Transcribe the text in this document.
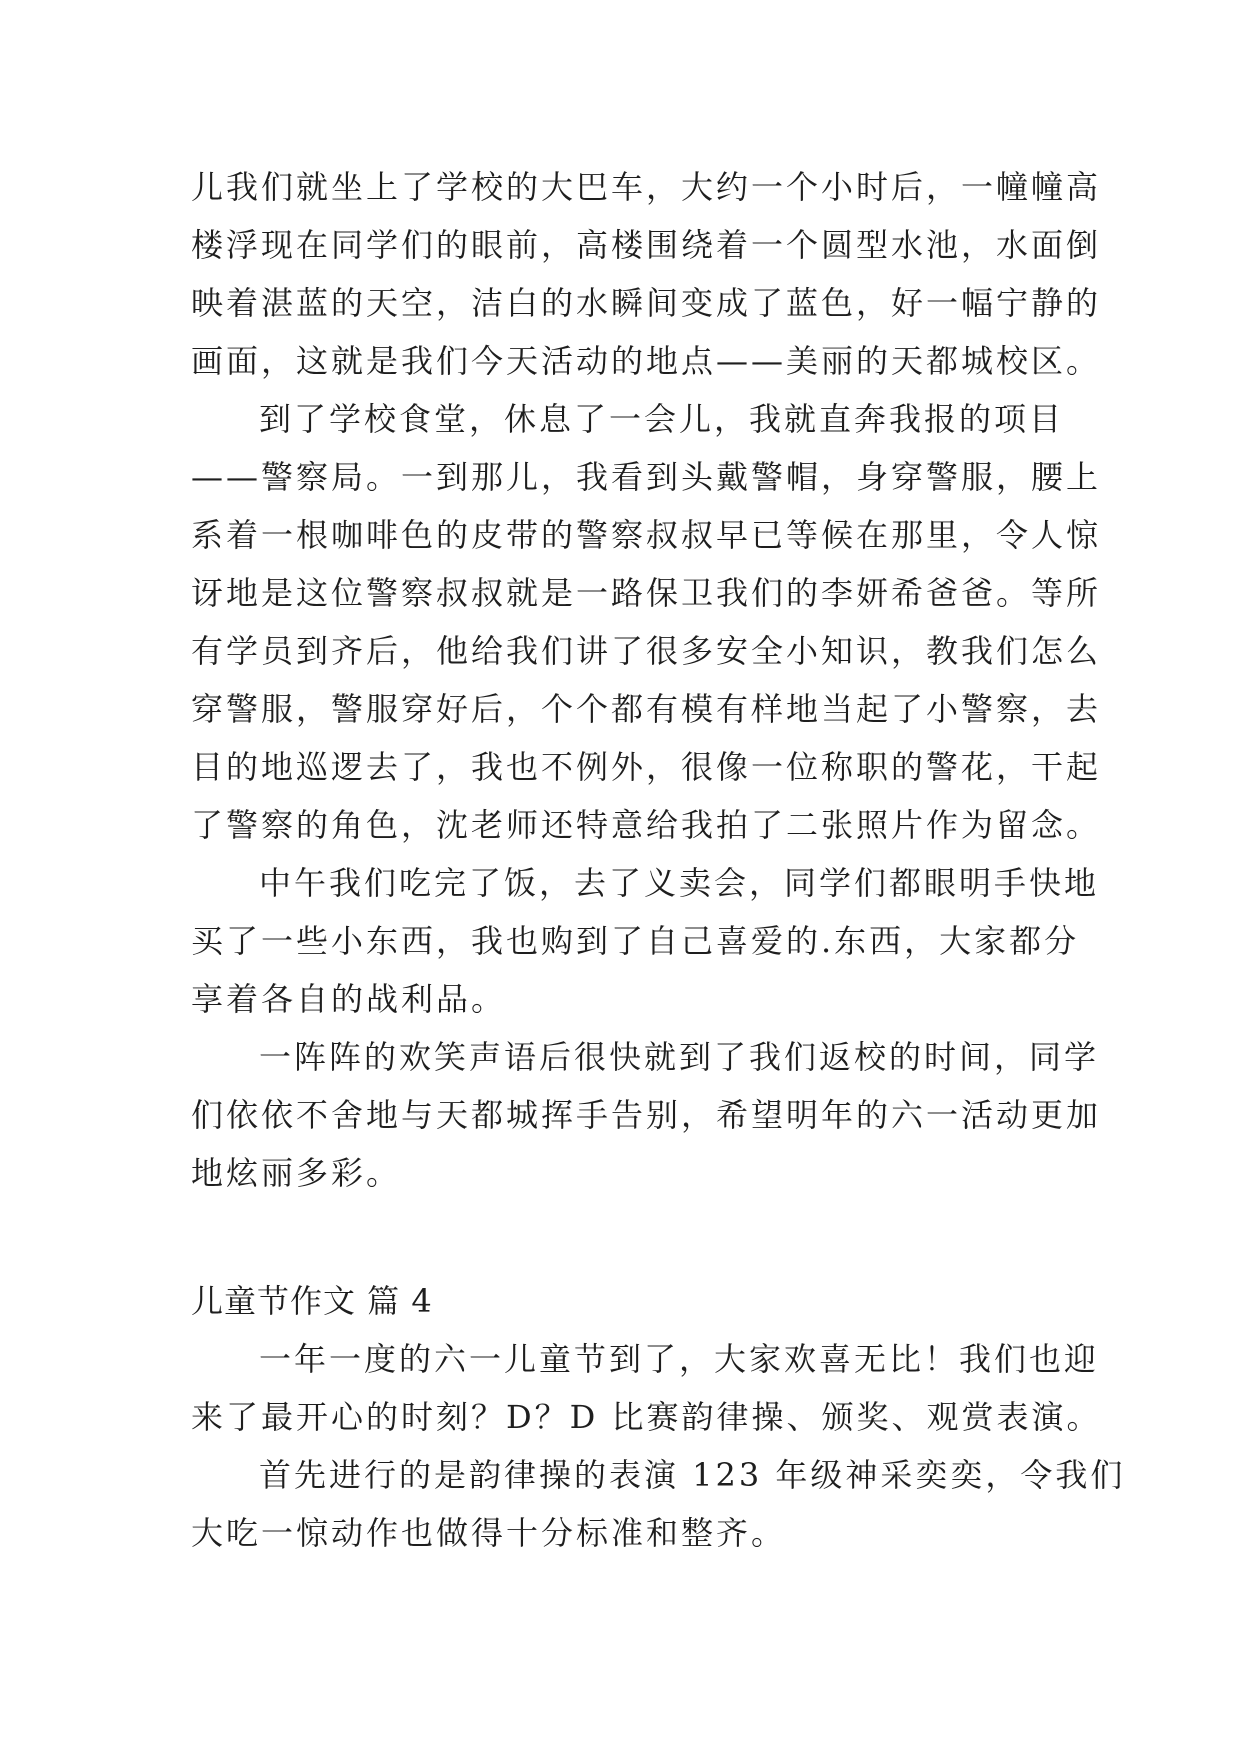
儿我们就坐上了学校的大巴车，大约一个小时后，一幢幢高
楼浮现在同学们的眼前，高楼围绕着一个圆型水池，水面倒
映着湛蓝的天空，洁白的水瞬间变成了蓝色，好一幅宁静的
画面，这就是我们今天活动的地点——美丽的天都城校区。
到了学校食堂，休息了一会儿，我就直奔我报的项目
——警察局。一到那儿，我看到头戴警帽，身穿警服，腰上
系着一根咖啡色的皮带的警察叔叔早已等候在那里，令人惊
讶地是这位警察叔叔就是一路保卫我们的李妍希爸爸。等所
有学员到齐后，他给我们讲了很多安全小知识，教我们怎么
穿警服，警服穿好后，个个都有模有样地当起了小警察，去
目的地巡逻去了，我也不例外，很像一位称职的警花，干起
了警察的角色，沈老师还特意给我拍了二张照片作为留念。
中午我们吃完了饭，去了义卖会，同学们都眼明手快地
买了一些小东西，我也购到了自己喜爱的.东西，大家都分
享着各自的战利品。
一阵阵的欢笑声语后很快就到了我们返校的时间，同学
们依依不舍地与天都城挥手告别，希望明年的六一活动更加
地炫丽多彩。
儿童节作文 篇 4
一年一度的六一儿童节到了，大家欢喜无比！我们也迎
来了最开心的时刻？D？D 比赛韵律操、颁奖、观赏表演。
首先进行的是韵律操的表演 123 年级神采奕奕，令我们
大吃一惊动作也做得十分标准和整齐。
